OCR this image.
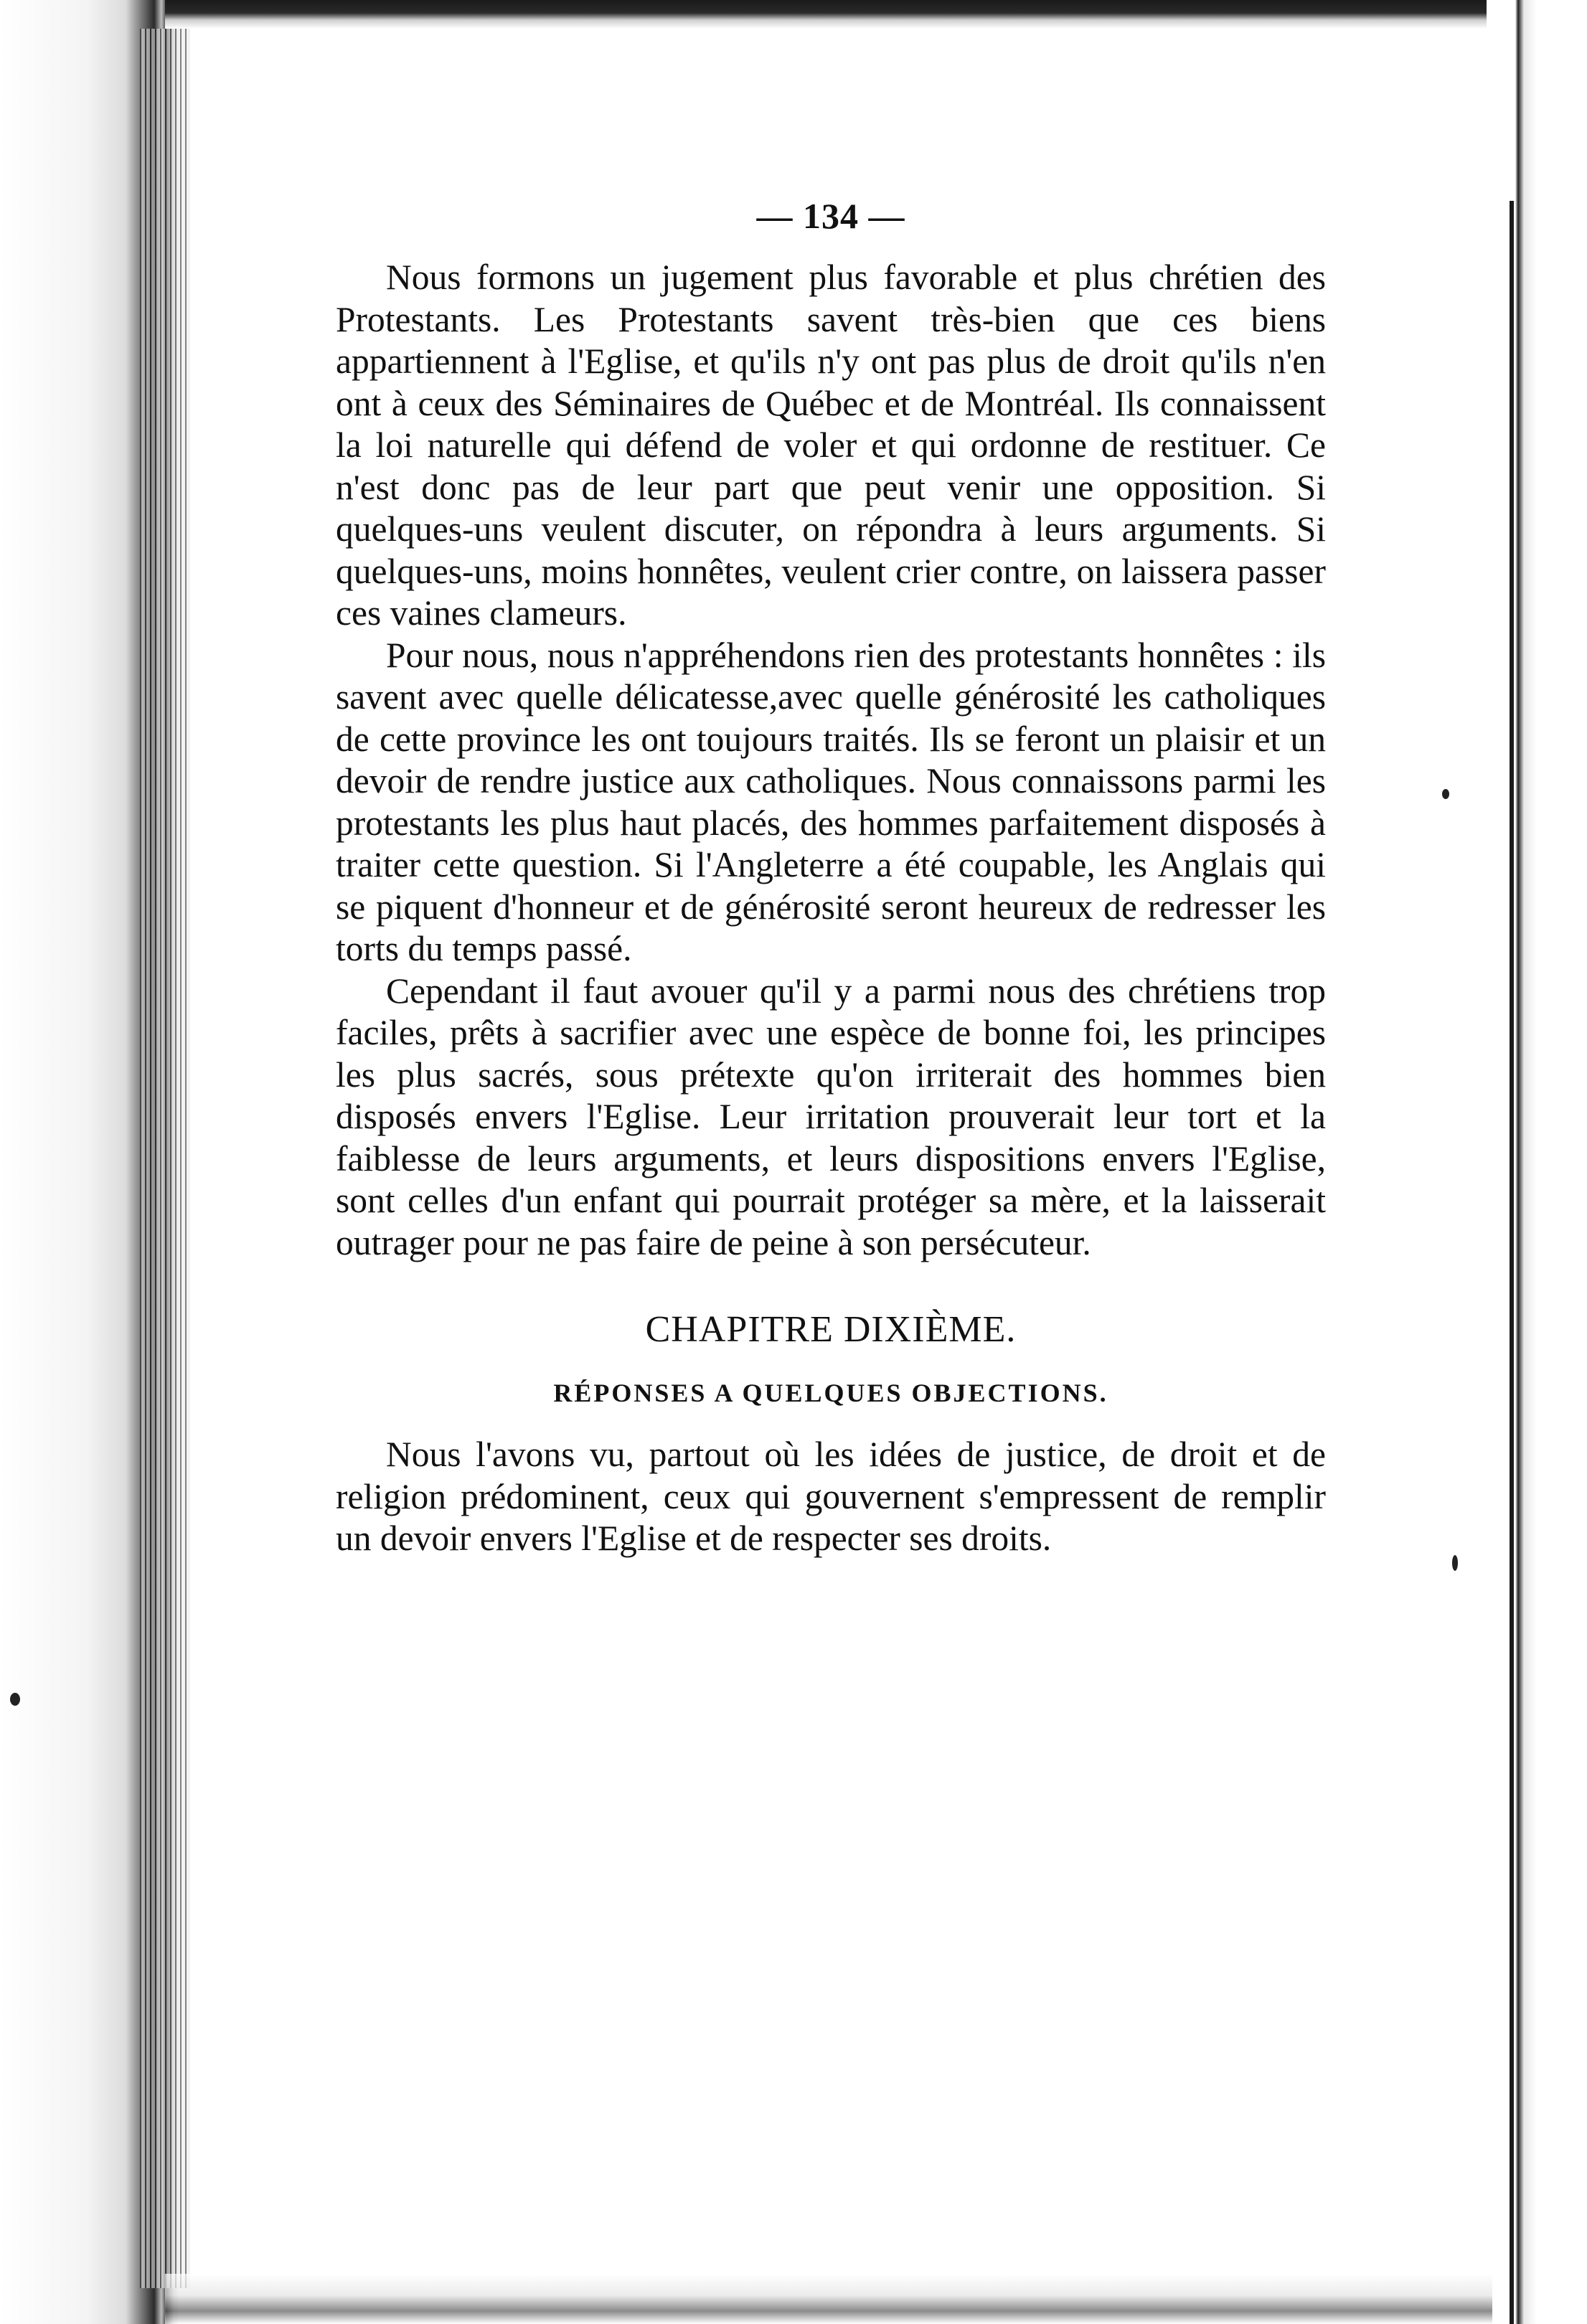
— 134 —

Nous formons un jugement plus favorable et plus chrétien des Protestants. Les Protestants savent très-bien que ces biens appartiennent à l'Eglise, et qu'ils n'y ont pas plus de droit qu'ils n'en ont à ceux des Séminaires de Québec et de Montréal. Ils connaissent la loi naturelle qui défend de voler et qui ordonne de restituer. Ce n'est donc pas de leur part que peut venir une opposition. Si quelques-uns veulent discuter, on répondra à leurs arguments. Si quelques-uns, moins honnêtes, veulent crier contre, on laissera passer ces vaines clameurs.

Pour nous, nous n'appréhendons rien des protestants honnêtes : ils savent avec quelle délicatesse,avec quelle générosité les catholiques de cette province les ont toujours traités. Ils se feront un plaisir et un devoir de rendre justice aux catholiques. Nous connaissons parmi les protestants les plus haut placés, des hommes parfaitement disposés à traiter cette question. Si l'Angleterre a été coupable, les Anglais qui se piquent d'honneur et de générosité seront heureux de redresser les torts du temps passé.

Cependant il faut avouer qu'il y a parmi nous des chrétiens trop faciles, prêts à sacrifier avec une espèce de bonne foi, les principes les plus sacrés, sous prétexte qu'on irriterait des hommes bien disposés envers l'Eglise. Leur irritation prouverait leur tort et la faiblesse de leurs arguments, et leurs dispositions envers l'Eglise, sont celles d'un enfant qui pourrait protéger sa mère, et la laisserait outrager pour ne pas faire de peine à son persécuteur.

CHAPITRE DIXIÈME.
RÉPONSES A QUELQUES OBJECTIONS.

Nous l'avons vu, partout où les idées de justice, de droit et de religion prédominent, ceux qui gouvernent s'empressent de remplir un devoir envers l'Eglise et de respecter ses droits.
